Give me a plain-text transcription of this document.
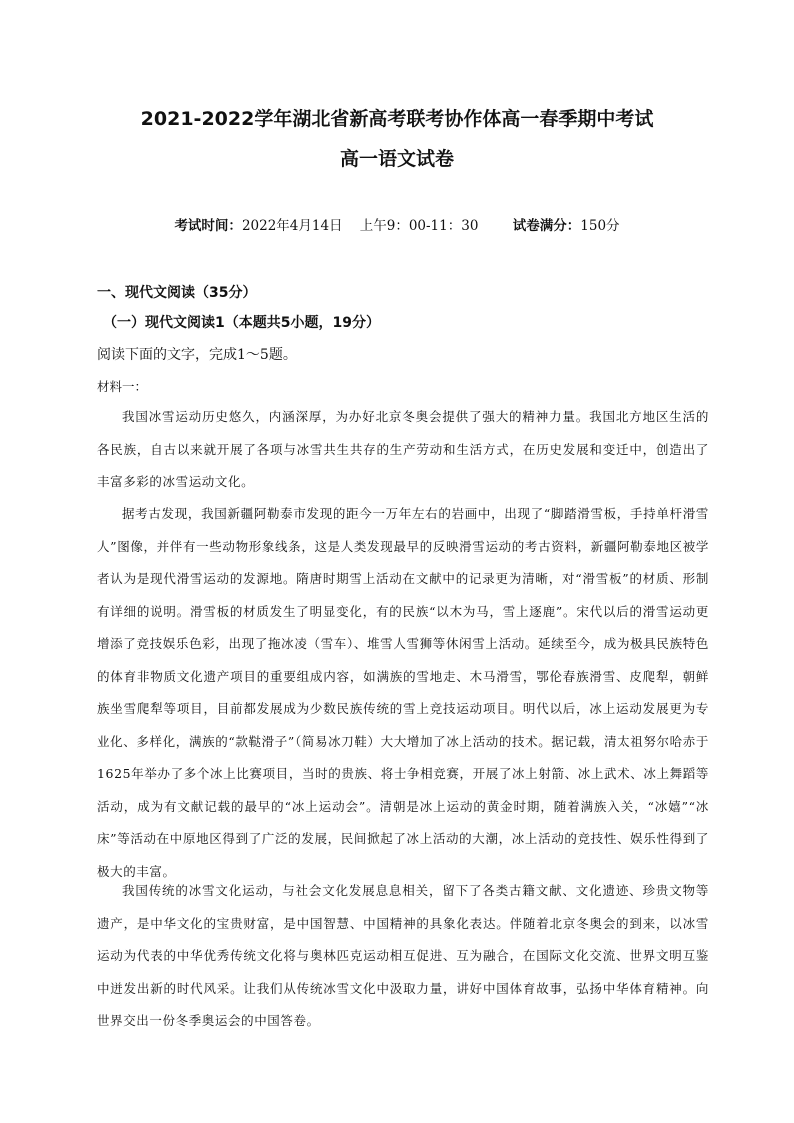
2021-2022学年湖北省新高考联考协作体高一春季期中考试
高一语文试卷
考试时间：2022年4月14日    上午9：00-11：30	试卷满分：150分
一、现代文阅读（35分）
（一）现代文阅读1（本题共5小题，19分）
阅读下面的文字，完成1～5题。
材料一：

我国冰雪运动历史悠久，内涵深厚，为办好北京冬奥会提供了强大的精神力量。我国北方地区生活的各民族，自古以来就开展了各项与冰雪共生共存的生产劳动和生活方式，在历史发展和变迁中，创造出了丰富多彩的冰雪运动文化。

据考古发现，我国新疆阿勒泰市发现的距今一万年左右的岩画中，出现了“脚踏滑雪板，手持单杆滑雪人”图像，并伴有一些动物形象线条，这是人类发现最早的反映滑雪运动的考古资料，新疆阿勒泰地区被学者认为是现代滑雪运动的发源地。隋唐时期雪上活动在文献中的记录更为清晰，对“滑雪板”的材质、形制有详细的说明。滑雪板的材质发生了明显变化，有的民族“以木为马，雪上逐鹿”。宋代以后的滑雪运动更增添了竞技娱乐色彩，出现了拖冰凌（雪车）、堆雪人雪狮等休闲雪上活动。延续至今，成为极具民族特色的体育非物质文化遗产项目的重要组成内容，如满族的雪地走、木马滑雪，鄂伦春族滑雪、皮爬犁，朝鲜族坐雪爬犁等项目，目前都发展成为少数民族传统的雪上竞技运动项目。明代以后，冰上运动发展更为专业化、多样化，满族的“款鞑滑子”（简易冰刀鞋）大大增加了冰上活动的技术。据记载，清太祖努尔哈赤于1625年举办了多个冰上比赛项目，当时的贵族、将士争相竞赛，开展了冰上射箭、冰上武术、冰上舞蹈等活动，成为有文献记载的最早的“冰上运动会”。清朝是冰上运动的黄金时期，随着满族入关，“冰嬉”“冰床”等活动在中原地区得到了广泛的发展，民间掀起了冰上活动的大潮，冰上活动的竞技性、娱乐性得到了极大的丰富。

我国传统的冰雪文化运动，与社会文化发展息息相关，留下了各类古籍文献、文化遗迹、珍贵文物等遗产，是中华文化的宝贵财富，是中国智慧、中国精神的具象化表达。伴随着北京冬奥会的到来，以冰雪运动为代表的中华优秀传统文化将与奥林匹克运动相互促进、互为融合，在国际文化交流、世界文明互鉴中迸发出新的时代风采。让我们从传统冰雪文化中汲取力量，讲好中国体育故事，弘扬中华体育精神。向世界交出一份冬季奥运会的中国答卷。
